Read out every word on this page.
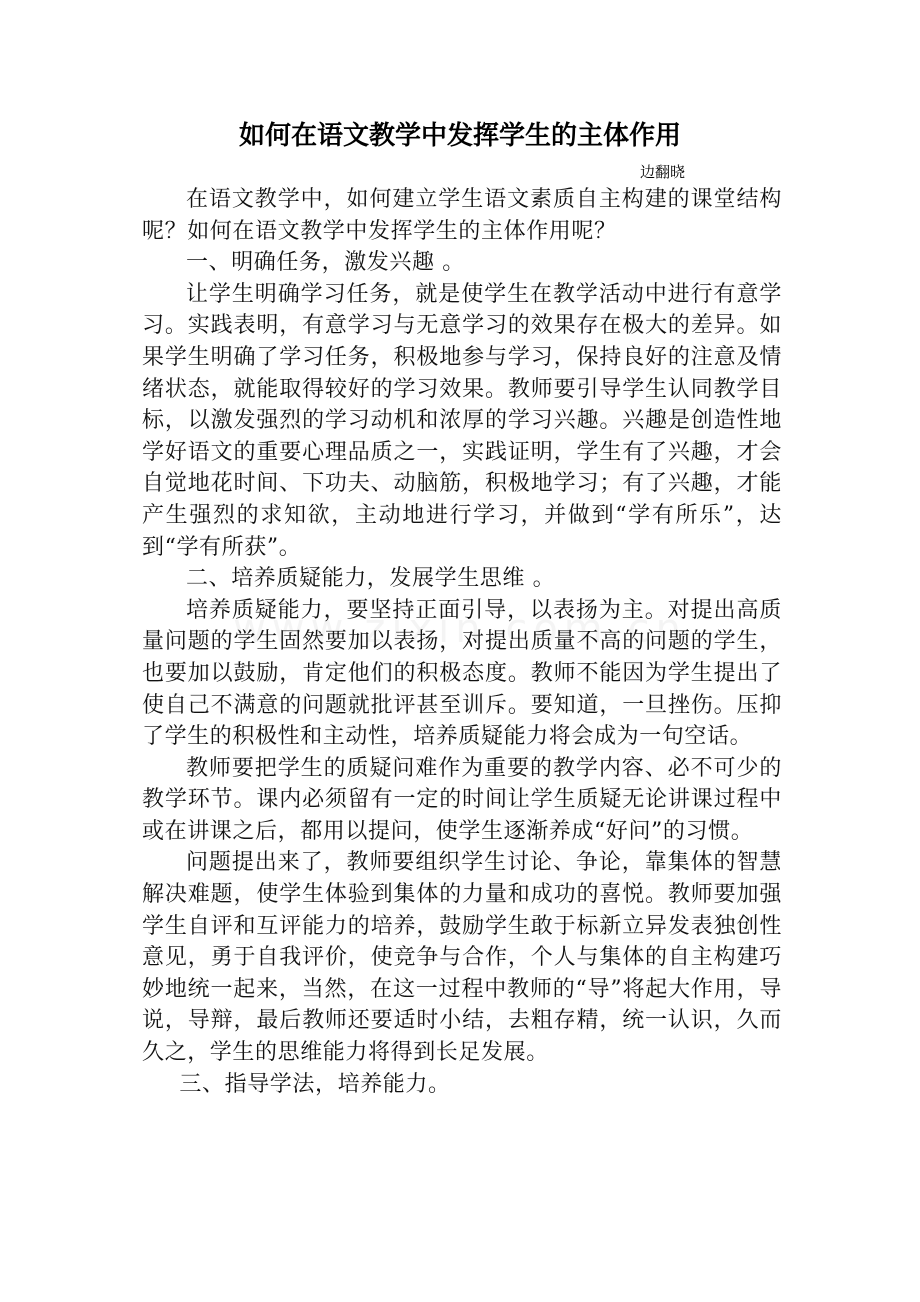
如何在语文教学中发挥学生的主体作用
边翻晓

在语文教学中，如何建立学生语文素质自主构建的课堂结构呢？如何在语文教学中发挥学生的主体作用呢？

一、明确任务，激发兴趣 。

让学生明确学习任务，就是使学生在教学活动中进行有意学习。实践表明，有意学习与无意学习的效果存在极大的差异。如果学生明确了学习任务，积极地参与学习，保持良好的注意及情绪状态，就能取得较好的学习效果。教师要引导学生认同教学目标，以激发强烈的学习动机和浓厚的学习兴趣。兴趣是创造性地学好语文的重要心理品质之一，实践证明，学生有了兴趣，才会自觉地花时间、下功夫、动脑筋，积极地学习；有了兴趣，才能产生强烈的求知欲，主动地进行学习，并做到“学有所乐”，达到“学有所获”。

二、培养质疑能力，发展学生思维 。

培养质疑能力，要坚持正面引导，以表扬为主。对提出高质量问题的学生固然要加以表扬，对提出质量不高的问题的学生，也要加以鼓励，肯定他们的积极态度。教师不能因为学生提出了使自己不满意的问题就批评甚至训斥。要知道，一旦挫伤。压抑了学生的积极性和主动性，培养质疑能力将会成为一句空话。

教师要把学生的质疑问难作为重要的教学内容、必不可少的教学环节。课内必须留有一定的时间让学生质疑无论讲课过程中或在讲课之后，都用以提问，使学生逐渐养成“好问”的习惯。

问题提出来了，教师要组织学生讨论、争论，靠集体的智慧解决难题，使学生体验到集体的力量和成功的喜悦。教师要加强学生自评和互评能力的培养，鼓励学生敢于标新立异发表独创性意见，勇于自我评价，使竞争与合作，个人与集体的自主构建巧妙地统一起来，当然，在这一过程中教师的“导”将起大作用，导说，导辩，最后教师还要适时小结，去粗存精，统一认识，久而久之，学生的思维能力将得到长足发展。

三、指导学法，培养能力。
